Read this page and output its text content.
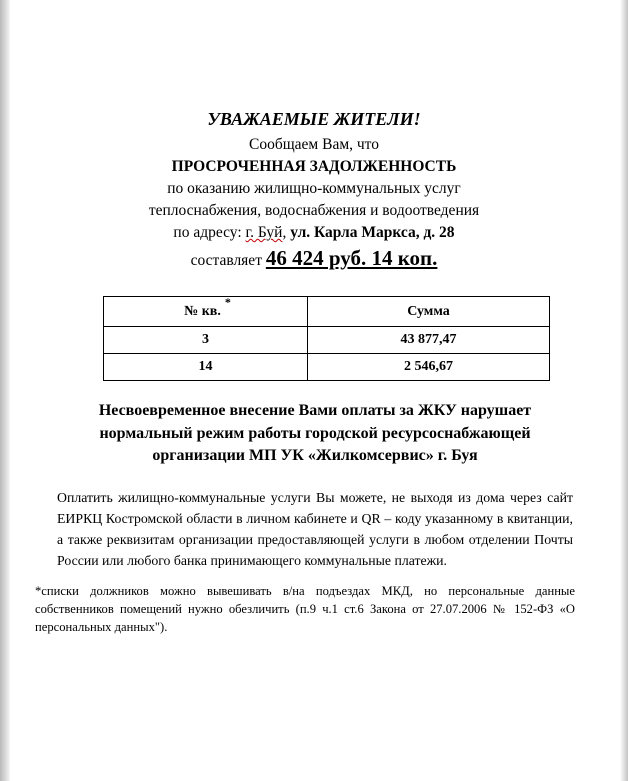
УВАЖАЕМЫЕ ЖИТЕЛИ!
Сообщаем Вам, что
ПРОСРОЧЕННАЯ ЗАДОЛЖЕННОСТЬ
по оказанию жилищно-коммунальных услуг
теплоснабжения, водоснабжения и водоотведения
по адресу: г. Буй, ул. Карла Маркса, д. 28
составляет 46 424 руб. 14 коп.
№ кв.*	Сумма
3	43 877,47
14	2 546,67
Несвоевременное внесение Вами оплаты за ЖКУ нарушает
нормальный режим работы городской ресурсоснабжающей
организации МП УК «Жилкомсервис» г. Буя
Оплатить жилищно-коммунальные услуги Вы можете, не выходя из дома через сайт ЕИРКЦ Костромской области в личном кабинете и QR – коду указанному в квитанции, а также реквизитам организации предоставляющей услуги в любом отделении Почты России или любого банка принимающего коммунальные платежи.
*списки должников можно вывешивать в/на подъездах МКД, но персональные данные собственников помещений нужно обезличить (п.9 ч.1 ст.6 Закона от 27.07.2006 № 152-ФЗ «О персональных данных").
